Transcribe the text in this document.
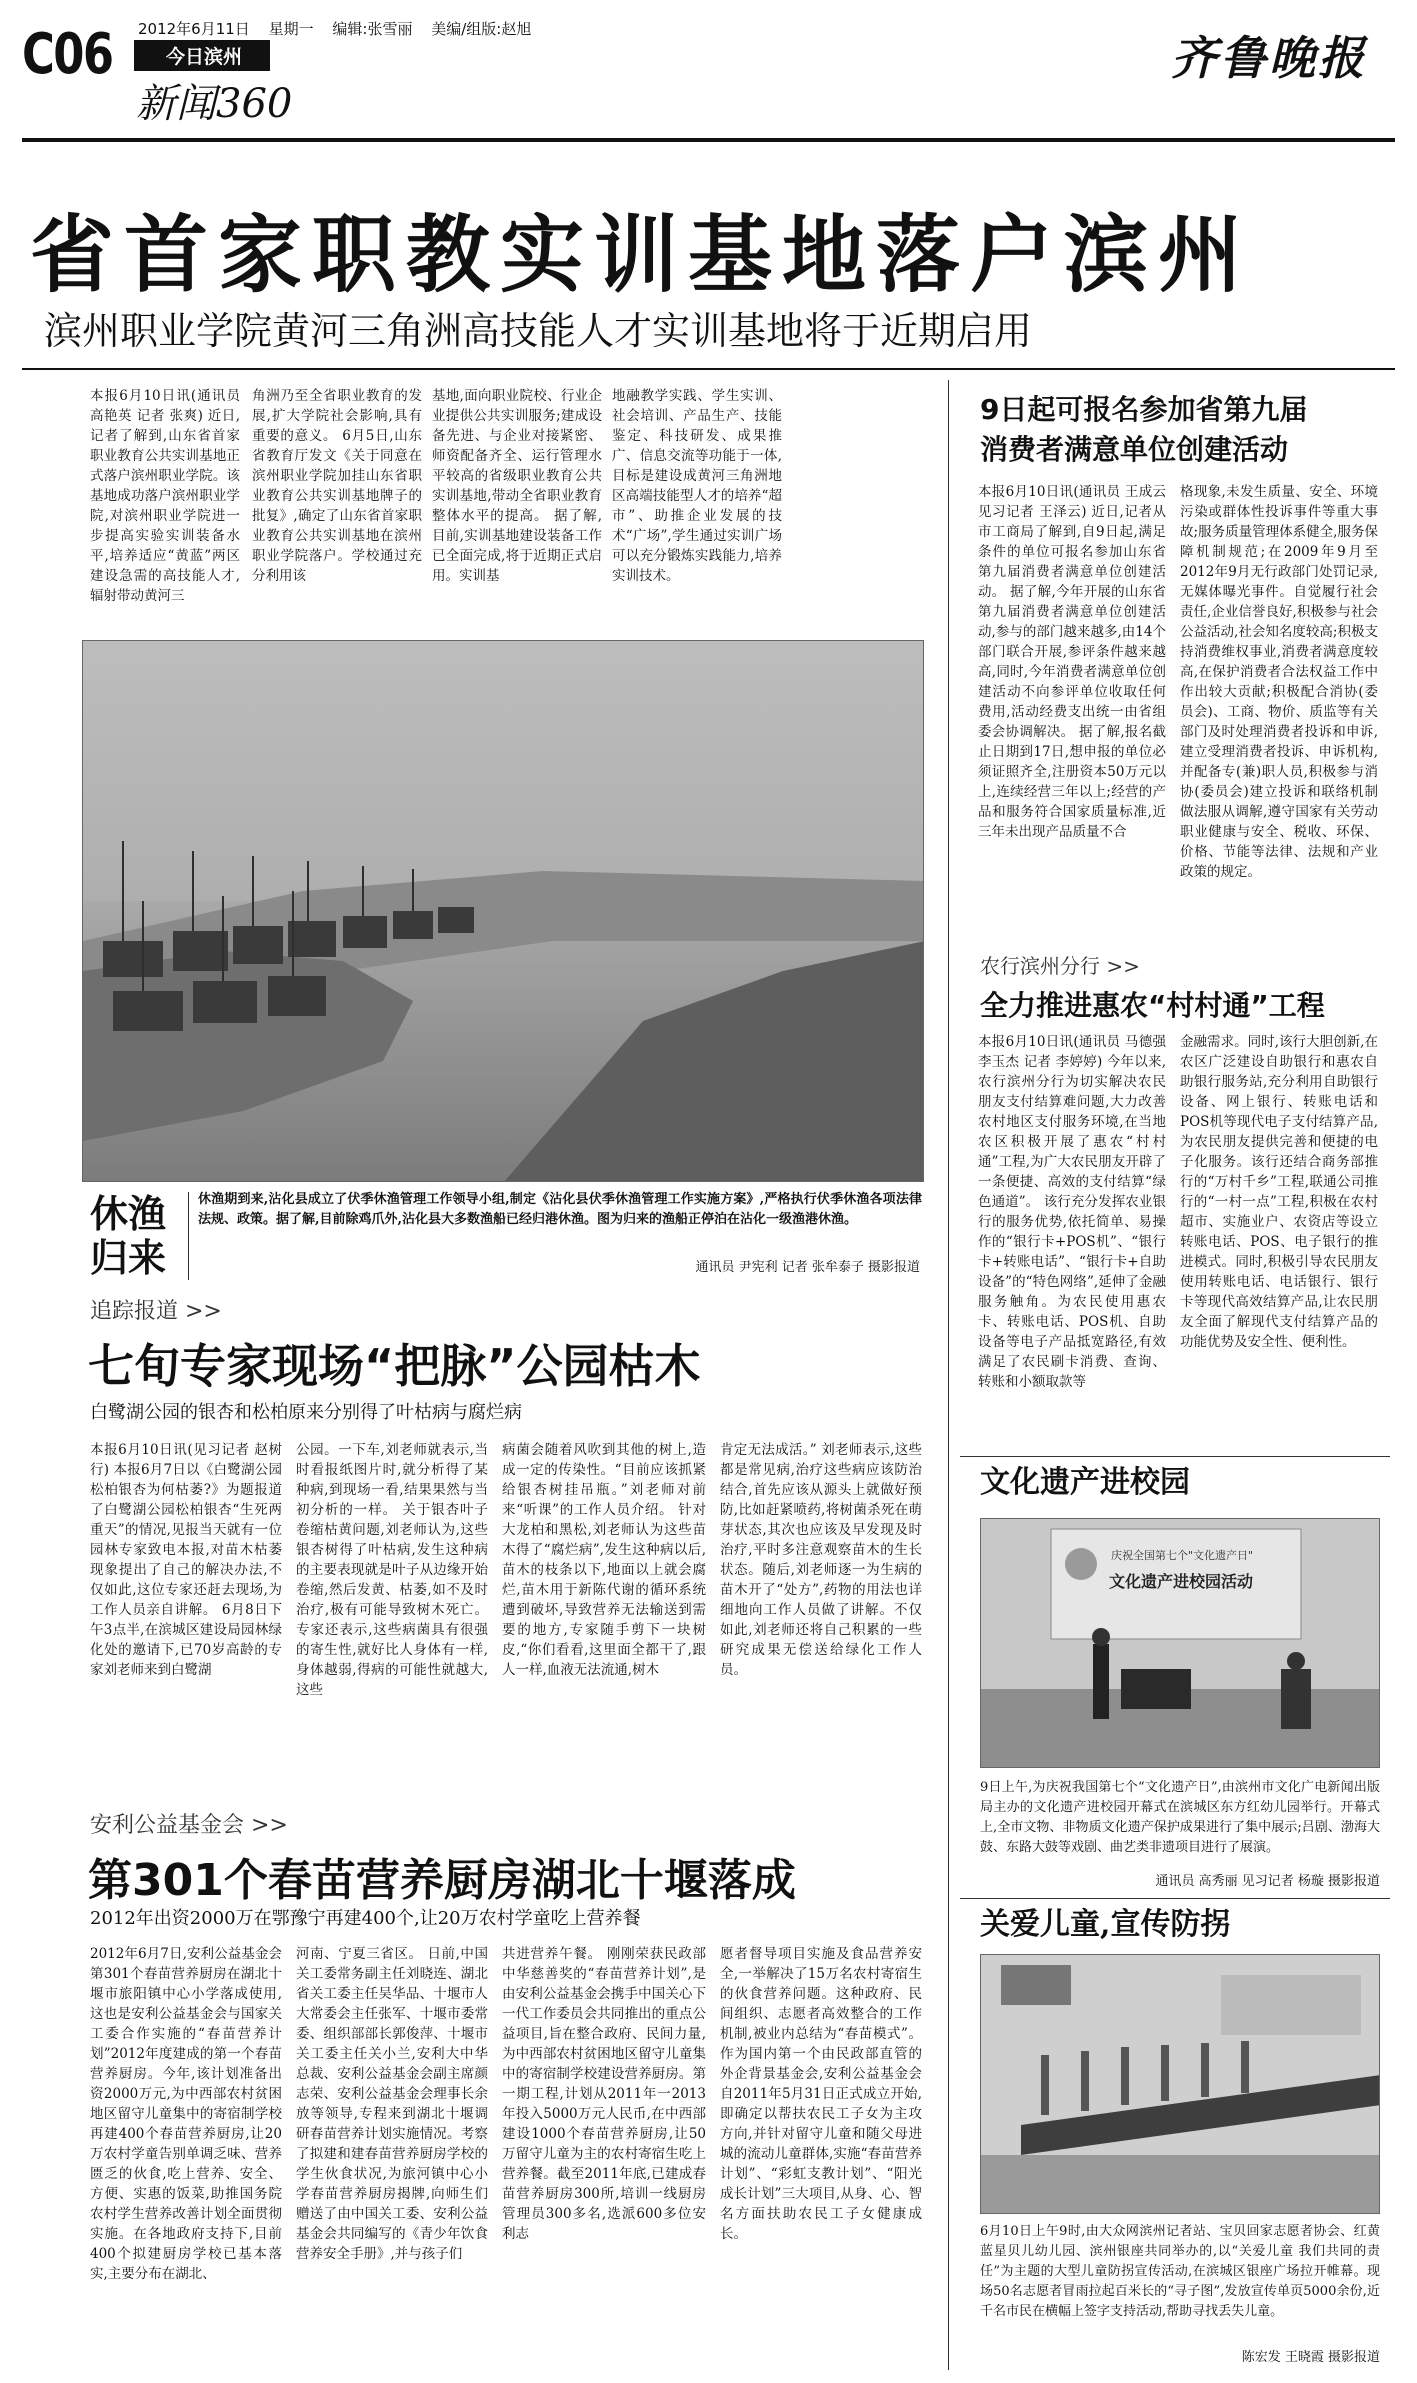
C06 2012年6月11日 星期一 编辑:张雪丽 美编/组版:赵旭
今日滨州
新闻360
齐鲁晚报
省首家职教实训基地落户滨州
滨州职业学院黄河三角洲高技能人才实训基地将于近期启用
本报6月10日讯(通讯员 高艳英 记者 张爽) 近日,记者了解到,山东省首家职业教育公共实训基地正式落户滨州职业学院。该基地成功落户滨州职业学院,对滨州职业学院进一步提高实验实训装备水平,培养适应“黄蓝”两区建设急需的高技能人才,辐射带动黄河三
角洲乃至全省职业教育的发展,扩大学院社会影响,具有重要的意义。 6月5日,山东省教育厅发文《关于同意在滨州职业学院加挂山东省职业教育公共实训基地牌子的批复》,确定了山东省首家职业教育公共实训基地在滨州职业学院落户。学校通过充分利用该
基地,面向职业院校、行业企业提供公共实训服务;建成设备先进、与企业对接紧密、师资配备齐全、运行管理水平较高的省级职业教育公共实训基地,带动全省职业教育整体水平的提高。 据了解,目前,实训基地建设装备工作已全面完成,将于近期正式启用。实训基
地融教学实践、学生实训、社会培训、产品生产、技能鉴定、科技研发、成果推广、信息交流等功能于一体,目标是建设成黄河三角洲地区高端技能型人才的培养“超市”、助推企业发展的技术“广场”,学生通过实训广场可以充分锻炼实践能力,培养实训技术。
休渔归来
休渔期到来,沾化县成立了伏季休渔管理工作领导小组,制定《沾化县伏季休渔管理工作实施方案》,严格执行伏季休渔各项法律法规、政策。据了解,目前除鸡爪外,沾化县大多数渔船已经归港休渔。图为归来的渔船正停泊在沾化一级渔港休渔。
通讯员 尹宪利 记者 张牟泰子 摄影报道
追踪报道 >>
七旬专家现场“把脉”公园枯木
白鹭湖公园的银杏和松柏原来分别得了叶枯病与腐烂病
本报6月10日讯(见习记者 赵树行) 本报6月7日以《白鹭湖公园松柏银杏为何枯萎?》为题报道了白鹭湖公园松柏银杏“生死两重天”的情况,见报当天就有一位园林专家致电本报,对苗木枯萎现象提出了自己的解决办法,不仅如此,这位专家还赶去现场,为工作人员亲自讲解。 6月8日下午3点半,在滨城区建设局园林绿化处的邀请下,已70岁高龄的专家刘老师来到白鹭湖
公园。一下车,刘老师就表示,当时看报纸图片时,就分析得了某种病,到现场一看,结果果然与当初分析的一样。 关于银杏叶子卷缩枯黄问题,刘老师认为,这些银杏树得了叶枯病,发生这种病的主要表现就是叶子从边缘开始卷缩,然后发黄、枯萎,如不及时治疗,极有可能导致树木死亡。专家还表示,这些病菌具有很强的寄生性,就好比人身体有一样,身体越弱,得病的可能性就越大,这些
病菌会随着风吹到其他的树上,造成一定的传染性。“目前应该抓紧给银杏树挂吊瓶。”刘老师对前来“听课”的工作人员介绍。 针对大龙柏和黑松,刘老师认为这些苗木得了“腐烂病”,发生这种病以后,苗木的枝条以下,地面以上就会腐烂,苗木用于新陈代谢的循环系统遭到破坏,导致营养无法输送到需要的地方,专家随手剪下一块树皮,“你们看看,这里面全都干了,跟人一样,血液无法流通,树木
肯定无法成活。” 刘老师表示,这些都是常见病,治疗这些病应该防治结合,首先应该从源头上就做好预防,比如赶紧喷药,将树菌杀死在萌芽状态,其次也应该及早发现及时治疗,平时多注意观察苗木的生长状态。随后,刘老师逐一为生病的苗木开了“处方”,药物的用法也详细地向工作人员做了讲解。不仅如此,刘老师还将自己积累的一些研究成果无偿送给绿化工作人员。
安利公益基金会 >>
第301个春苗营养厨房湖北十堰落成
2012年出资2000万在鄂豫宁再建400个,让20万农村学童吃上营养餐
2012年6月7日,安利公益基金会第301个春苗营养厨房在湖北十堰市旅阳镇中心小学落成使用,这也是安利公益基金会与国家关工委合作实施的“春苗营养计划”2012年度建成的第一个春苗营养厨房。今年,该计划准备出资2000万元,为中西部农村贫困地区留守儿童集中的寄宿制学校再建400个春苗营养厨房,让20万农村学童告别单调乏味、营养匮乏的伙食,吃上营养、安全、方便、实惠的饭菜,助推国务院农村学生营养改善计划全面贯彻实施。在各地政府支持下,目前400个拟建厨房学校已基本落实,主要分布在湖北、
河南、宁夏三省区。 日前,中国关工委常务副主任刘晓连、湖北省关工委主任吴华品、十堰市人大常委会主任张军、十堰市委常委、组织部部长郭俊萍、十堰市关工委主任关小兰,安利大中华总裁、安利公益基金会副主席颜志荣、安利公益基金会理事长余放等领导,专程来到湖北十堰调研春苗营养计划实施情况。考察了拟建和建春苗营养厨房学校的学生伙食状况,为旅河镇中心小学春苗营养厨房揭牌,向师生们赠送了由中国关工委、安利公益基金会共同编写的《青少年饮食营养安全手册》,并与孩子们
共进营养午餐。 刚刚荣获民政部中华慈善奖的“春苗营养计划”,是由安利公益基金会携手中国关心下一代工作委员会共同推出的重点公益项目,旨在整合政府、民间力量,为中西部农村贫困地区留守儿童集中的寄宿制学校建设营养厨房。第一期工程,计划从2011年一2013年投入5000万元人民币,在中西部建设1000个春苗营养厨房,让50万留守儿童为主的农村寄宿生吃上营养餐。截至2011年底,已建成春苗营养厨房300所,培训一线厨房管理员300多名,选派600多位安利志
愿者督导项目实施及食品营养安全,一举解决了15万名农村寄宿生的伙食营养问题。这种政府、民间组织、志愿者高效整合的工作机制,被业内总结为“春苗模式”。 作为国内第一个由民政部直管的外企背景基金会,安利公益基金会自2011年5月31日正式成立开始,即确定以帮扶农民工子女为主攻方向,并针对留守儿童和随父母进城的流动儿童群体,实施“春苗营养计划”、“彩虹支教计划”、“阳光成长计划”三大项目,从身、心、智名方面扶助农民工子女健康成长。
9日起可报名参加省第九届
消费者满意单位创建活动
本报6月10日讯(通讯员 王成云 见习记者 王泽云) 近日,记者从市工商局了解到,自9日起,满足条件的单位可报名参加山东省第九届消费者满意单位创建活动。 据了解,今年开展的山东省第九届消费者满意单位创建活动,参与的部门越来越多,由14个部门联合开展,参评条件越来越高,同时,今年消费者满意单位创建活动不向参评单位收取任何费用,活动经费支出统一由省组委会协调解决。 据了解,报名截止日期到17日,想申报的单位必须证照齐全,注册资本50万元以上,连续经营三年以上;经营的产品和服务符合国家质量标准,近三年未出现产品质量不合
格现象,未发生质量、安全、环境污染或群体性投诉事件等重大事故;服务质量管理体系健全,服务保障机制规范;在2009年9月至2012年9月无行政部门处罚记录,无媒体曝光事件。自觉履行社会责任,企业信誉良好,积极参与社会公益活动,社会知名度较高;积极支持消费维权事业,消费者满意度较高,在保护消费者合法权益工作中作出较大贡献;积极配合消协(委员会)、工商、物价、质监等有关部门及时处理消费者投诉和申诉,建立受理消费者投诉、申诉机构,并配备专(兼)职人员,积极参与消协(委员会)建立投诉和联络机制做法服从调解,遵守国家有关劳动职业健康与安全、税收、环保、价格、节能等法律、法规和产业政策的规定。
农行滨州分行 >>
全力推进惠农“村村通”工程
本报6月10日讯(通讯员 马德强 李玉杰 记者 李婷婷) 今年以来,农行滨州分行为切实解决农民朋友支付结算难问题,大力改善农村地区支付服务环境,在当地农区积极开展了惠农“村村通”工程,为广大农民朋友开辟了一条便捷、高效的支付结算“绿色通道”。 该行充分发挥农业银行的服务优势,依托简单、易操作的“银行卡+POS机”、“银行卡+转账电话”、“银行卡+自助设备”的“特色网络”,延伸了金融服务触角。为农民使用惠农卡、转账电话、POS机、自助设备等电子产品抵宽路径,有效满足了农民刷卡消费、查询、转账和小额取款等
金融需求。同时,该行大胆创新,在农区广泛建设自助银行和惠农自助银行服务站,充分利用自助银行设备、网上银行、转账电话和POS机等现代电子支付结算产品,为农民朋友提供完善和便捷的电子化服务。该行还结合商务部推行的“万村千乡”工程,联通公司推行的“一村一点”工程,积极在农村超市、实施业户、农资店等设立转账电话、POS、电子银行的推进模式。同时,积极引导农民朋友使用转账电话、电话银行、银行卡等现代高效结算产品,让农民朋友全面了解现代支付结算产品的功能优势及安全性、便利性。
文化遗产进校园
庆祝全国第七个"文化遗产日"
文化遗产进校园活动
9日上午,为庆祝我国第七个“文化遗产日”,由滨州市文化广电新闻出版局主办的文化遗产进校园开幕式在滨城区东方红幼儿园举行。开幕式上,全市文物、非物质文化遗产保护成果进行了集中展示;吕剧、渤海大鼓、东路大鼓等戏剧、曲艺类非遗项目进行了展演。
通讯员 高秀丽 见习记者 杨璇 摄影报道
关爱儿童,宣传防拐
6月10日上午9时,由大众网滨州记者站、宝贝回家志愿者协会、红黄蓝星贝儿幼儿园、滨州银座共同举办的,以“关爱儿童 我们共同的责任”为主题的大型儿童防拐宣传活动,在滨城区银座广场拉开帷幕。现场50名志愿者冒雨拉起百米长的“寻子图”,发放宣传单页5000余份,近千名市民在横幅上签字支持活动,帮助寻找丢失儿童。
陈宏发 王晓霞 摄影报道
